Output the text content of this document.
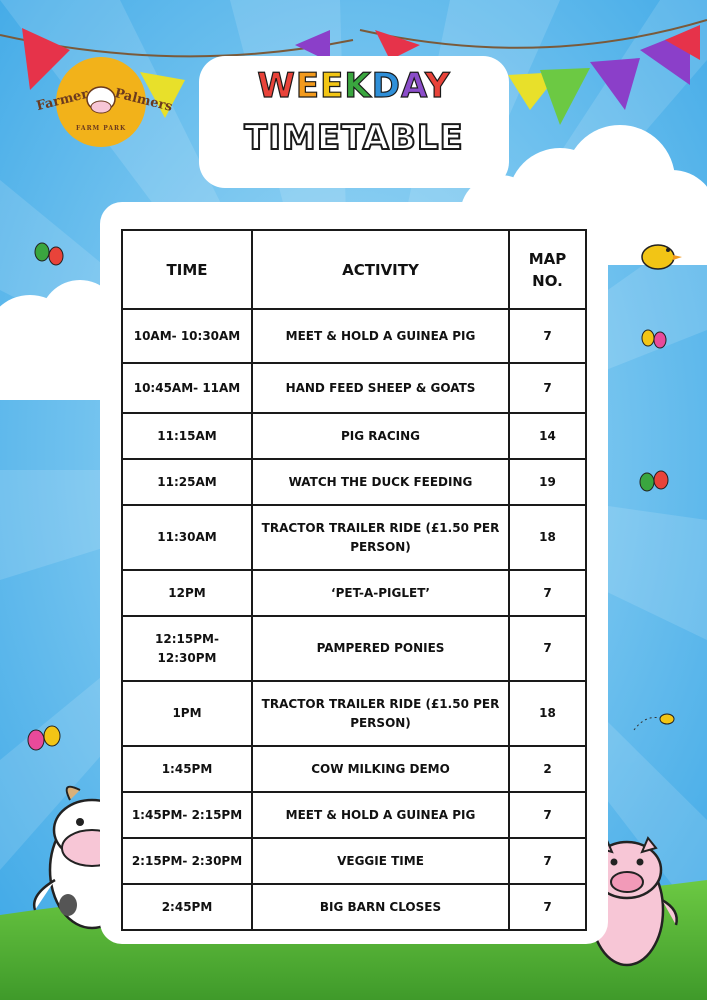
Farmer Palmers
FARM PARK
WEEKDAY
TIMETABLE
TIME	ACTIVITY	MAP NO.
10AM- 10:30AM	MEET & HOLD A GUINEA PIG	7
10:45AM- 11AM	HAND FEED SHEEP & GOATS	7
11:15AM	PIG RACING	14
11:25AM	WATCH THE DUCK FEEDING	19
11:30AM	TRACTOR TRAILER RIDE (£1.50 PER PERSON)	18
12PM	‘PET-A-PIGLET’	7
12:15PM- 12:30PM	PAMPERED PONIES	7
1PM	TRACTOR TRAILER RIDE (£1.50 PER PERSON)	18
1:45PM	COW MILKING DEMO	2
1:45PM- 2:15PM	MEET & HOLD A GUINEA PIG	7
2:15PM- 2:30PM	VEGGIE TIME	7
2:45PM	BIG BARN CLOSES	7
